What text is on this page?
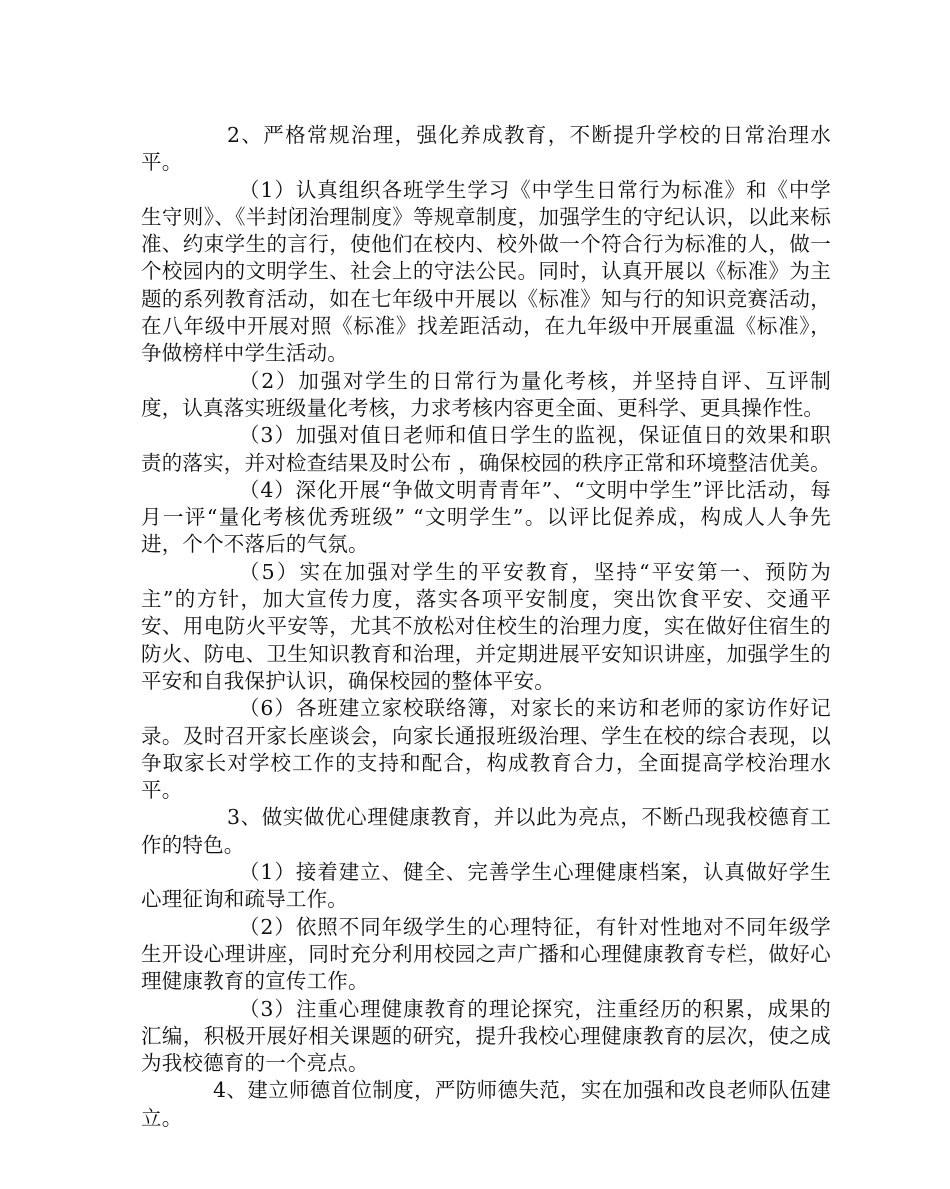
2、严格常规治理，强化养成教育，不断提升学校的日常治理水平。

（1）认真组织各班学生学习《中学生日常行为标准》和《中学生守则》、《半封闭治理制度》等规章制度，加强学生的守纪认识，以此来标准、约束学生的言行，使他们在校内、校外做一个符合行为标准的人，做一个校园内的文明学生、社会上的守法公民。同时，认真开展以《标准》为主题的系列教育活动，如在七年级中开展以《标准》知与行的知识竞赛活动，在八年级中开展对照《标准》找差距活动，在九年级中开展重温《标准》，争做榜样中学生活动。

（2）加强对学生的日常行为量化考核，并坚持自评、互评制度，认真落实班级量化考核，力求考核内容更全面、更科学、更具操作性。

（3）加强对值日老师和值日学生的监视，保证值日的效果和职责的落实，并对检查结果及时公布 ，确保校园的秩序正常和环境整洁优美。

（4）深化开展“争做文明青青年”、“文明中学生”评比活动，每月一评“量化考核优秀班级” “文明学生”。以评比促养成，构成人人争先进，个个不落后的气氛。

（5）实在加强对学生的平安教育，坚持“平安第一、预防为主”的方针，加大宣传力度，落实各项平安制度，突出饮食平安、交通平安、用电防火平安等，尤其不放松对住校生的治理力度，实在做好住宿生的防火、防电、卫生知识教育和治理，并定期进展平安知识讲座，加强学生的平安和自我保护认识，确保校园的整体平安。

（6）各班建立家校联络簿，对家长的来访和老师的家访作好记录。及时召开家长座谈会，向家长通报班级治理、学生在校的综合表现，以争取家长对学校工作的支持和配合，构成教育合力，全面提高学校治理水平。

3、做实做优心理健康教育，并以此为亮点，不断凸现我校德育工作的特色。

（1）接着建立、健全、完善学生心理健康档案，认真做好学生心理征询和疏导工作。

（2）依照不同年级学生的心理特征，有针对性地对不同年级学生开设心理讲座，同时充分利用校园之声广播和心理健康教育专栏，做好心理健康教育的宣传工作。

（3）注重心理健康教育的理论探究，注重经历的积累，成果的汇编，积极开展好相关课题的研究，提升我校心理健康教育的层次，使之成为我校德育的一个亮点。

4、建立师德首位制度，严防师德失范，实在加强和改良老师队伍建立。
